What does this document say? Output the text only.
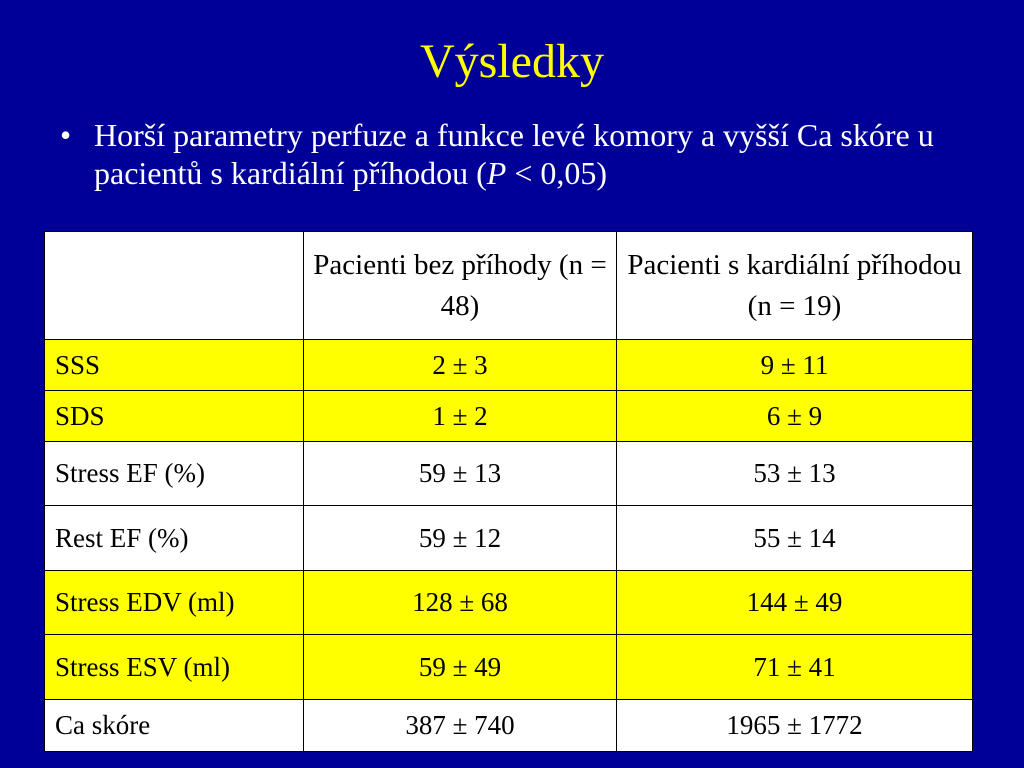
Výsledky
• Horší parametry perfuze a funkce levé komory a vyšší Ca skóre u pacientů s kardiální příhodou (P < 0,05)
	Pacienti bez příhody (n = 48)	Pacienti s kardiální příhodou (n = 19)
SSS	2 ± 3	9 ± 11
SDS	1 ± 2	6 ± 9
Stress EF (%)	59 ± 13	53 ± 13
Rest EF (%)	59 ± 12	55 ± 14
Stress EDV (ml)	128 ± 68	144 ± 49
Stress ESV (ml)	59 ± 49	71 ± 41
Ca skóre	387 ± 740	1965 ± 1772
